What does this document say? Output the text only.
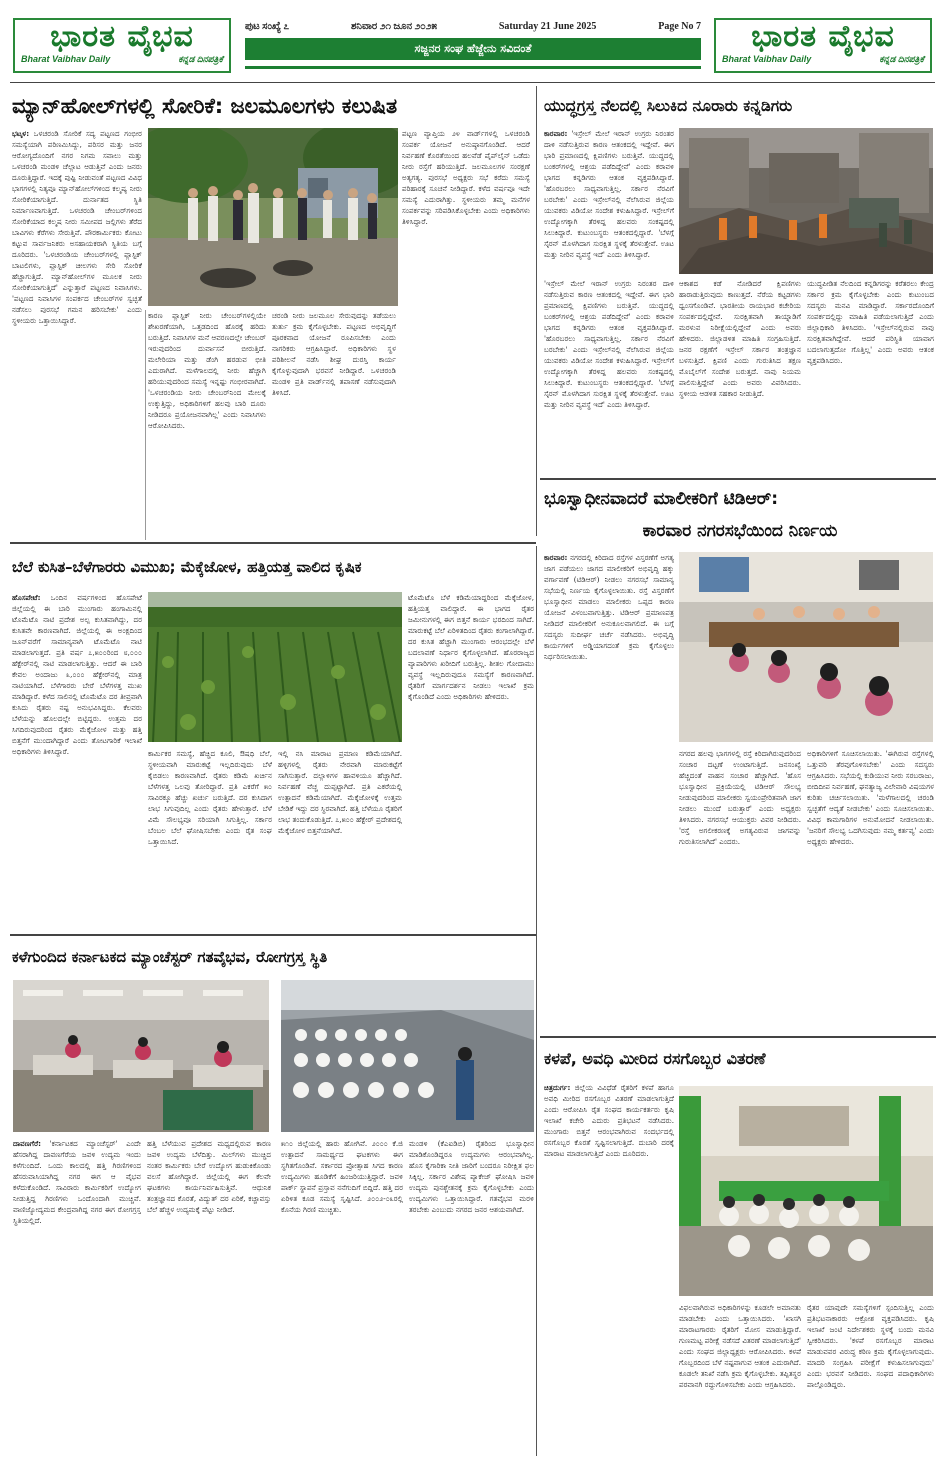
ಭಾರತ ವೈಭವ
Bharat Vaibhav Daily	ಕನ್ನಡ ದಿನಪತ್ರಿಕೆ
ಭಾರತ ವೈಭವ
Bharat Vaibhav Daily	ಕನ್ನಡ ದಿನಪತ್ರಿಕೆ
ಪುಟ ಸಂಖ್ಯೆ ೭	ಶನಿವಾರ ೨೧ ಜೂನ ೨೦೨೫	Saturday 21 June 2025	Page No 7
ಸಜ್ಜನರ ಸಂಘ ಹೆಜ್ಜೇನು ಸವಿದಂತೆ
ಮ್ಯಾನ್‌ಹೋಲ್‌ಗಳಲ್ಲಿ ಸೋರಿಕೆ: ಜಲಮೂಲಗಳು ಕಲುಷಿತ
ಭಟ್ಕಳ: ಒಳಚರಂಡಿ ಸೋರಿಕೆ ಸದ್ಯ ಪಟ್ಟಣದ ಗಂಭೀರ ಸಮಸ್ಯೆಯಾಗಿ ಪರಿಣಮಿಸಿದ್ದು, ಪರಿಸರ ಮತ್ತು ಜನರ ಆರೋಗ್ಯದೊಂದಿಗೆ ನಗರ ನಿಗಮ ಸವಾಲು ಮತ್ತು ಒಳಚರಂಡಿ ಮಂಡಳಿ ಚೆಲ್ಲಾಟ ಆಡುತ್ತಿವೆ ಎಂದು ಜನರು ದೂರುತ್ತಿದ್ದಾರೆ. ಇದಕ್ಕೆ ಪುಷ್ಟಿ ನೀಡುವಂತೆ ಪಟ್ಟಣದ ವಿವಿಧ ಭಾಗಗಳಲ್ಲಿ ನಿತ್ಯವೂ ಮ್ಯಾನ್‌ಹೋಲ್‌ಗಳಿಂದ ಕಲ್ಮಷ್ಯ ನೀರು ಸೋರಿಕೆಯಾಗುತ್ತಿದೆ. ದುರ್ನಾತದ ಸ್ಥಿತಿ ನಿರ್ಮಾಣವಾಗುತ್ತಿದೆ. ಒಳಚರಂಡಿ ಚೇಂಬರ್‌ಗಳಿಂದ ಸೋರಿಕೆಯಾದ ಕಲ್ಮಷ ನೀರು ಸಮೀಪದ ಜಲ್ಲಿಗಳು ತೆರೆದ ಬಾವಿಗಳು ಕೆರೆಗಳು ಸೇರುತ್ತಿವೆ. ಪೌರಕಾರ್ಮಿಕರು ಕೋಟು ಕಟ್ಟುವ ಸಾರ್ವಜನಿಕರು ಅಸಹಾಯಕರಾಗಿ ಸ್ಥಿತಿಯ ಬಗ್ಗೆ ದೂರಿದರು. 'ಒಳಚರಂಡಿಯ ಚೇಂಬರ್‌ಗಳಲ್ಲಿ ಪ್ಲಾಸ್ಟಿಕ್ ಬಾಟಲಿಗಳು, ಪ್ಲಾಸ್ಟಿಕ್ ಚೀಲಗಳು ಸೇರಿ ಸೋರಿಕೆ ಹೆಚ್ಚಾಗುತ್ತಿದೆ. ಮ್ಯಾನ್‌ಹೋಲ್‌ಗಳ ಮೂಲಕ ನೀರು ಸೋರಿಕೆಯಾಗುತ್ತಿದೆ' ಎನ್ನುತ್ತಾರೆ ಪಟ್ಟಣದ ನಿವಾಸಿಗಳು. 'ಪಟ್ಟಣದ ನಿವಾಸಿಗಳ ಸಂಪರ್ಕದ ಚೇಂಬರ್‌ಗಳ ಸ್ವಚ್ಛತೆ ನಡೆಸಲು ಪುರಸಭೆ ಗಮನ ಹರಿಸಬೇಕು' ಎಂದು ಸ್ಥಳೀಯರು ಒತ್ತಾಯಿಸಿದ್ದಾರೆ.
ಕಾರಣ ಪ್ಲಾಸ್ಟಿಕ್ ನೀರು ಚೇಂಬರ್‌ಗಳಲ್ಲಿಯೇ ಶೇಖರಣೆಯಾಗಿ, ಒತ್ತಡದಿಂದ ಹೊರಕ್ಕೆ ಹರಿದು ಬರುತ್ತಿದೆ. ನಿವಾಸಿಗಳ ಮನೆ ಆವರಣದಲ್ಲೇ ಚೇಂಬರ್ ಇರುವುದರಿಂದ ದುರ್ವಾಸನೆ ಬೀರುತ್ತಿದೆ. ಮಲೇರಿಯಾ ಮತ್ತು ಡೆಂಗಿ ಹರಡುವ ಭೀತಿ ಎದುರಾಗಿದೆ. ಮಳೆಗಾಲದಲ್ಲಿ ನೀರು ಹೆಚ್ಚಾಗಿ ಹರಿಯುವುದರಿಂದ ಸಮಸ್ಯೆ ಇನ್ನಷ್ಟು ಗಂಭೀರವಾಗಿದೆ. 'ಒಳಚರಂಡಿಯ ನೀರು ಚೇಂಬರ್‌ನಿಂದ ಮೇಲಕ್ಕೆ ಉಕ್ಕುತ್ತಿದ್ದು, ಅಧಿಕಾರಿಗಳಿಗೆ ಹಲವು ಬಾರಿ ದೂರು ನೀಡಿದರೂ ಪ್ರಯೋಜನವಾಗಿಲ್ಲ' ಎಂದು ನಿವಾಸಿಗಳು ಆರೋಪಿಸಿದರು.
ಚರಂಡಿ ನೀರು ಜಲಮೂಲ ಸೇರುವುದನ್ನು ತಡೆಯಲು ತುರ್ತು ಕ್ರಮ ಕೈಗೊಳ್ಳಬೇಕು. ಪಟ್ಟಣದ ಅಭಿವೃದ್ಧಿಗೆ ಪೂರಕವಾದ ಯೋಜನೆ ರೂಪಿಸಬೇಕು ಎಂದು ನಾಗರಿಕರು ಆಗ್ರಹಿಸಿದ್ದಾರೆ. ಅಧಿಕಾರಿಗಳು ಸ್ಥಳ ಪರಿಶೀಲನೆ ನಡೆಸಿ ಶೀಘ್ರ ದುರಸ್ತಿ ಕಾರ್ಯ ಕೈಗೊಳ್ಳುವುದಾಗಿ ಭರವಸೆ ನೀಡಿದ್ದಾರೆ. ಒಳಚರಂಡಿ ಮಂಡಳಿ ಪ್ರತಿ ವಾರ್ಡ್‌ನಲ್ಲಿ ತಪಾಸಣೆ ನಡೆಸುವುದಾಗಿ ತಿಳಿಸಿದೆ.
ಪಟ್ಟಣ ವ್ಯಾಪ್ತಿಯ ೨೪ ವಾರ್ಡ್‌ಗಳಲ್ಲಿ ಒಳಚರಂಡಿ ಸಂಪರ್ಕ ಯೋಜನೆ ಅನುಷ್ಠಾನಗೊಂಡಿದೆ. ಆದರೆ ನಿರ್ವಹಣೆ ಕೊರತೆಯಿಂದ ಹಲವೆಡೆ ಪೈಪ್‌ಲೈನ್ ಒಡೆದು ನೀರು ರಸ್ತೆಗೆ ಹರಿಯುತ್ತಿದೆ. ಜಲಮೂಲಗಳ ಸಂರಕ್ಷಣೆ ಅತ್ಯಗತ್ಯ. ಪುರಸಭೆ ಅಧ್ಯಕ್ಷರು ಸಭೆ ಕರೆದು ಸಮಸ್ಯೆ ಪರಿಹಾರಕ್ಕೆ ಸೂಚನೆ ನೀಡಿದ್ದಾರೆ. ಕಳೆದ ವರ್ಷವೂ ಇದೇ ಸಮಸ್ಯೆ ಎದುರಾಗಿತ್ತು. ಸ್ಥಳೀಯರು ತಮ್ಮ ಮನೆಗಳ ಸಂಪರ್ಕವನ್ನು ಸರಿಪಡಿಸಿಕೊಳ್ಳಬೇಕು ಎಂದು ಅಧಿಕಾರಿಗಳು ತಿಳಿಸಿದ್ದಾರೆ.
ಯುದ್ಧಗ್ರಸ್ತ ನೆಲದಲ್ಲಿ ಸಿಲುಕಿದ ನೂರಾರು ಕನ್ನಡಿಗರು
ಕಾರವಾರ: 'ಇಸ್ರೇಲ್ ಮೇಲೆ ಇರಾನ್ ಉಗ್ರರು ನಿರಂತರ ದಾಳಿ ನಡೆಸುತ್ತಿರುವ ಕಾರಣ ಆತಂಕದಲ್ಲಿ ಇದ್ದೇವೆ. ಈಗ ಭಾರಿ ಪ್ರಮಾಣದಲ್ಲಿ ಕ್ಷಿಪಣಿಗಳು ಬರುತ್ತಿವೆ. ಯುದ್ಧದಲ್ಲಿ ಬಂಕರ್‌ಗಳಲ್ಲಿ ಆಶ್ರಯ ಪಡೆದಿದ್ದೇವೆ' ಎಂದು ಕರಾವಳಿ ಭಾಗದ ಕನ್ನಡಿಗರು ಆತಂಕ ವ್ಯಕ್ತಪಡಿಸಿದ್ದಾರೆ. 'ಹೊರಬರಲು ಸಾಧ್ಯವಾಗುತ್ತಿಲ್ಲ. ಸರ್ಕಾರ ನೆರವಿಗೆ ಬರಬೇಕು' ಎಂದು ಇಸ್ರೇಲ್‌ನಲ್ಲಿ ನೆಲೆಸಿರುವ ಜಿಲ್ಲೆಯ ಯುವಕರು ವಿಡಿಯೋ ಸಂದೇಶ ಕಳುಹಿಸಿದ್ದಾರೆ. ಇಸ್ರೇಲ್‌ಗೆ ಉದ್ಯೋಗಕ್ಕಾಗಿ ತೆರಳಿದ್ದ ಹಲವರು ಸಂಕಷ್ಟದಲ್ಲಿ ಸಿಲುಕಿದ್ದಾರೆ. ಕುಟುಂಬಸ್ಥರು ಆತಂಕದಲ್ಲಿದ್ದಾರೆ. 'ಬೆಳಗ್ಗೆ ಸೈರನ್ ಮೊಳಗಿದಾಗ ಸುರಕ್ಷಿತ ಸ್ಥಳಕ್ಕೆ ತೆರಳುತ್ತೇವೆ. ಊಟ ಮತ್ತು ನೀರಿನ ವ್ಯವಸ್ಥೆ ಇದೆ' ಎಂದು ತಿಳಿಸಿದ್ದಾರೆ.
'ಇಸ್ರೇಲ್ ಮೇಲೆ ಇರಾನ್ ಉಗ್ರರು ನಿರಂತರ ದಾಳಿ ನಡೆಸುತ್ತಿರುವ ಕಾರಣ ಆತಂಕದಲ್ಲಿ ಇದ್ದೇವೆ. ಈಗ ಭಾರಿ ಪ್ರಮಾಣದಲ್ಲಿ ಕ್ಷಿಪಣಿಗಳು ಬರುತ್ತಿವೆ. ಯುದ್ಧದಲ್ಲಿ ಬಂಕರ್‌ಗಳಲ್ಲಿ ಆಶ್ರಯ ಪಡೆದಿದ್ದೇವೆ' ಎಂದು ಕರಾವಳಿ ಭಾಗದ ಕನ್ನಡಿಗರು ಆತಂಕ ವ್ಯಕ್ತಪಡಿಸಿದ್ದಾರೆ. 'ಹೊರಬರಲು ಸಾಧ್ಯವಾಗುತ್ತಿಲ್ಲ. ಸರ್ಕಾರ ನೆರವಿಗೆ ಬರಬೇಕು' ಎಂದು ಇಸ್ರೇಲ್‌ನಲ್ಲಿ ನೆಲೆಸಿರುವ ಜಿಲ್ಲೆಯ ಯುವಕರು ವಿಡಿಯೋ ಸಂದೇಶ ಕಳುಹಿಸಿದ್ದಾರೆ. ಇಸ್ರೇಲ್‌ಗೆ ಉದ್ಯೋಗಕ್ಕಾಗಿ ತೆರಳಿದ್ದ ಹಲವರು ಸಂಕಷ್ಟದಲ್ಲಿ ಸಿಲುಕಿದ್ದಾರೆ. ಕುಟುಂಬಸ್ಥರು ಆತಂಕದಲ್ಲಿದ್ದಾರೆ. 'ಬೆಳಗ್ಗೆ ಸೈರನ್ ಮೊಳಗಿದಾಗ ಸುರಕ್ಷಿತ ಸ್ಥಳಕ್ಕೆ ತೆರಳುತ್ತೇವೆ. ಊಟ ಮತ್ತು ನೀರಿನ ವ್ಯವಸ್ಥೆ ಇದೆ' ಎಂದು ತಿಳಿಸಿದ್ದಾರೆ.
ಆಕಾಶದ ಕಡೆ ನೋಡಿದರೆ ಕ್ಷಿಪಣಿಗಳು ಹಾರಾಡುತ್ತಿರುವುದು ಕಾಣುತ್ತದೆ. ನೆರೆಯ ಕಟ್ಟಡಗಳು ಧ್ವಂಸಗೊಂಡಿವೆ. ಭಾರತೀಯ ರಾಯಭಾರ ಕಚೇರಿಯ ಸಂಪರ್ಕದಲ್ಲಿದ್ದೇವೆ. ಸುರಕ್ಷಿತವಾಗಿ ತಾಯ್ನಾಡಿಗೆ ಮರಳುವ ನಿರೀಕ್ಷೆಯಲ್ಲಿದ್ದೇವೆ ಎಂದು ಅವರು ಹೇಳಿದರು. ಜಿಲ್ಲಾಡಳಿತ ಮಾಹಿತಿ ಸಂಗ್ರಹಿಸುತ್ತಿದೆ. ಜನರ ರಕ್ಷಣೆಗೆ ಇಸ್ರೇಲ್ ಸರ್ಕಾರ ತಂತ್ರಜ್ಞಾನ ಬಳಸುತ್ತಿದೆ. ಕ್ಷಿಪಣಿ ಎಂದು ಗುರುತಿಸಿದ ತಕ್ಷಣ ಮೊಬೈಲ್‌ಗೆ ಸಂದೇಶ ಬರುತ್ತದೆ. ನಾವು ನಿಯಮ ಪಾಲಿಸುತ್ತಿದ್ದೇವೆ ಎಂದು ಅವರು ವಿವರಿಸಿದರು. ಸ್ಥಳೀಯ ಆಡಳಿತ ಸಹಕಾರ ನೀಡುತ್ತಿದೆ.
ಯುದ್ಧಪೀಡಿತ ನೆಲದಿಂದ ಕನ್ನಡಿಗರನ್ನು ಕರೆತರಲು ಕೇಂದ್ರ ಸರ್ಕಾರ ಕ್ರಮ ಕೈಗೊಳ್ಳಬೇಕು ಎಂದು ಕುಟುಂಬದ ಸದಸ್ಯರು ಮನವಿ ಮಾಡಿದ್ದಾರೆ. ಸರ್ಕಾರದೊಂದಿಗೆ ಸಂಪರ್ಕದಲ್ಲಿದ್ದು ಮಾಹಿತಿ ಪಡೆಯಲಾಗುತ್ತಿದೆ ಎಂದು ಜಿಲ್ಲಾಧಿಕಾರಿ ತಿಳಿಸಿದರು. 'ಇಸ್ರೇಲ್‌ನಲ್ಲಿರುವ ನಾವು ಸುರಕ್ಷಿತವಾಗಿದ್ದೇವೆ. ಆದರೆ ಪರಿಸ್ಥಿತಿ ಯಾವಾಗ ಬದಲಾಗುತ್ತದೋ ಗೊತ್ತಿಲ್ಲ' ಎಂದು ಅವರು ಆತಂಕ ವ್ಯಕ್ತಪಡಿಸಿದರು.
ಬೆಲೆ ಕುಸಿತ–ಬೆಳೆಗಾರರು ವಿಮುಖ; ಮೆಕ್ಕೆಜೋಳ, ಹತ್ತಿಯತ್ತ ವಾಲಿದ ಕೃಷಿಕ
ಹೊಸಪೇಟೆ: ಒಂದಿನ ವರ್ಷಗಳಿಂದ ಹೊಸಪೇಟೆ ಜಿಲ್ಲೆಯಲ್ಲಿ ಈ ಬಾರಿ ಮುಂಗಾರು ಹಂಗಾಮಿನಲ್ಲಿ ಟೊಮೆಟೊ ನಾಟಿ ಪ್ರದೇಶ ಅಲ್ಪ ಕುಸಿತವಾಗಿದ್ದು, ದರ ಕುಸಿತವೇ ಕಾರಣವಾಗಿದೆ. ಜಿಲ್ಲೆಯಲ್ಲಿ ಈ ಅಂಕ್ಷದಿಂದ ಜೂನ್‌ವರೆಗೆ ಸಾಮಾನ್ಯವಾಗಿ ಟೊಮೆಟೊ ನಾಟಿ ಮಾಡಲಾಗುತ್ತದೆ. ಪ್ರತಿ ವರ್ಷ ೭,೫೦೦ರಿಂದ ೮,೦೦೦ ಹೆಕ್ಟೇರ್‌ನಲ್ಲಿ ನಾಟಿ ಮಾಡಲಾಗುತ್ತಿತ್ತು. ಆದರೆ ಈ ಬಾರಿ ಕೇವಲ ಅಂದಾಜು ೩,೦೦೦ ಹೆಕ್ಟೇರ್‌ನಲ್ಲಿ ಮಾತ್ರ ನಾಟಿಯಾಗಿದೆ. ಬೆಳೆಗಾರರು ಬೇರೆ ಬೆಳೆಗಳತ್ತ ಮುಖ ಮಾಡಿದ್ದಾರೆ. ಕಳೆದ ಸಾಲಿನಲ್ಲಿ ಟೊಮೆಟೊ ದರ ತೀವ್ರವಾಗಿ ಕುಸಿದು ರೈತರು ನಷ್ಟ ಅನುಭವಿಸಿದ್ದರು. ಕೆಲವರು ಬೆಳೆಯನ್ನು ಹೊಲದಲ್ಲೇ ಬಿಟ್ಟಿದ್ದರು. ಉತ್ತಮ ದರ ಸಿಗದಿರುವುದರಿಂದ ರೈತರು ಮೆಕ್ಕೆಜೋಳ ಮತ್ತು ಹತ್ತಿ ಬಿತ್ತನೆಗೆ ಮುಂದಾಗಿದ್ದಾರೆ ಎಂದು ತೋಟಗಾರಿಕೆ ಇಲಾಖೆ ಅಧಿಕಾರಿಗಳು ತಿಳಿಸಿದ್ದಾರೆ.	ಕಾರ್ಮಿಕರ ಸಮಸ್ಯೆ, ಹೆಚ್ಚಿದ ಕೂಲಿ, ಔಷಧಿ ಬೆಲೆ, ಸ್ಥಳೀಯವಾಗಿ ಮಾರುಕಟ್ಟೆ ಇಲ್ಲದಿರುವುದು ಬೆಳೆ ಕೈಬಿಡಲು ಕಾರಣವಾಗಿದೆ. ರೈತರು ಕಡಿಮೆ ಖರ್ಚಿನ ಬೆಳೆಗಳತ್ತ ಒಲವು ತೋರಿದ್ದಾರೆ. ಪ್ರತಿ ಎಕರೆಗೆ ೫೦ ಸಾವಿರಕ್ಕೂ ಹೆಚ್ಚು ಖರ್ಚು ಬರುತ್ತಿದೆ. ದರ ಕುಸಿದಾಗ ಲಾಭ ಸಿಗುವುದಿಲ್ಲ ಎಂದು ರೈತರು ಹೇಳುತ್ತಾರೆ. ಬೆಳೆ ವಿಮೆ ಸೌಲಭ್ಯವೂ ಸರಿಯಾಗಿ ಸಿಗುತ್ತಿಲ್ಲ. ಸರ್ಕಾರ ಬೆಂಬಲ ಬೆಲೆ ಘೋಷಿಸಬೇಕು ಎಂದು ರೈತ ಸಂಘ ಒತ್ತಾಯಿಸಿದೆ.
ಇಲ್ಲಿ ನಸಿ ಮಾರಾಟ ಪ್ರಮಾಣ ಕಡಿಮೆಯಾಗಿದೆ. ಹಳ್ಳಿಗಳಲ್ಲಿ ರೈತರು ನೇರವಾಗಿ ಮಾರುಕಟ್ಟೆಗೆ ಸಾಗಿಸುತ್ತಾರೆ. ದಲ್ಲಾಳಿಗಳ ಹಾವಳಿಯೂ ಹೆಚ್ಚಾಗಿದೆ. ನಿರ್ವಹಣೆ ವೆಚ್ಚ ದುಪ್ಪಟ್ಟಾಗಿದೆ. ಪ್ರತಿ ಎಕರೆಯಲ್ಲಿ ಉತ್ಪಾದನೆ ಕಡಿಮೆಯಾಗಿದೆ. ಮೆಕ್ಕೆಜೋಳಕ್ಕೆ ಉತ್ತಮ ಬೇಡಿಕೆ ಇದ್ದು ದರ ಸ್ಥಿರವಾಗಿದೆ. ಹತ್ತಿ ಬೆಳೆಯೂ ರೈತರಿಗೆ ಲಾಭ ತಂದುಕೊಡುತ್ತಿದೆ. ೭,೫೦೦ ಹೆಕ್ಟೇರ್ ಪ್ರದೇಶದಲ್ಲಿ ಮೆಕ್ಕೆಜೋಳ ಬಿತ್ತನೆಯಾಗಿದೆ.
ಟೊಮೆಟೊ ಬೆಳೆ ಕಡಿಮೆಯಾದ್ದರಿಂದ ಮೆಕ್ಕೆಜೋಳ, ಹತ್ತಿಯತ್ತ ವಾಲಿದ್ದಾರೆ. ಈ ಭಾಗದ ರೈತರ ಜಮೀನುಗಳಲ್ಲಿ ಈಗ ಬಿತ್ತನೆ ಕಾರ್ಯ ಭರದಿಂದ ಸಾಗಿದೆ. ಮಾರುಕಟ್ಟೆ ಬೆಲೆ ಏರಿಳಿತದಿಂದ ರೈತರು ಕಂಗಾಲಾಗಿದ್ದಾರೆ. ದರ ಕುಸಿತ ಹೆಚ್ಚಾಗಿ ಮುಂಗಾರು ಆರಂಭದಲ್ಲೇ ಬೆಳೆ ಬದಲಾವಣೆ ನಿರ್ಧಾರ ಕೈಗೊಳ್ಳಲಾಗಿದೆ. ಹೊರರಾಜ್ಯದ ವ್ಯಾಪಾರಿಗಳು ಖರೀದಿಗೆ ಬರುತ್ತಿಲ್ಲ. ಶೀತಲ ಗೋದಾಮು ವ್ಯವಸ್ಥೆ ಇಲ್ಲದಿರುವುದೂ ಸಮಸ್ಯೆಗೆ ಕಾರಣವಾಗಿದೆ. ರೈತರಿಗೆ ಮಾರ್ಗದರ್ಶನ ನೀಡಲು ಇಲಾಖೆ ಕ್ರಮ ಕೈಗೊಂಡಿದೆ ಎಂದು ಅಧಿಕಾರಿಗಳು ಹೇಳಿದರು.
ಭೂಸ್ವಾಧೀನವಾದರೆ ಮಾಲೀಕರಿಗೆ ಟಿಡಿಆರ್:
ಕಾರವಾರ ನಗರಸಭೆಯಿಂದ ನಿರ್ಣಯ
ಕಾರವಾರ: ನಗರದಲ್ಲಿ ಕಿರಿದಾದ ರಸ್ತೆಗಳ ವಿಸ್ತರಣೆಗೆ ಅಗತ್ಯ ಜಾಗ ಪಡೆಯಲು ಜಾಗದ ಮಾಲೀಕರಿಗೆ ಅಭಿವೃದ್ಧಿ ಹಕ್ಕು ವರ್ಗಾವಣೆ (ಟಿಡಿಆರ್) ನೀಡಲು ನಗರಸಭೆ ಸಾಮಾನ್ಯ ಸಭೆಯಲ್ಲಿ ನಿರ್ಣಯ ಕೈಗೊಳ್ಳಲಾಯಿತು. ರಸ್ತೆ ವಿಸ್ತರಣೆಗೆ ಭೂಸ್ವಾಧೀನ ಮಾಡಲು ಮಾಲೀಕರು ಒಪ್ಪದ ಕಾರಣ ಯೋಜನೆ ವಿಳಂಬವಾಗುತ್ತಿತ್ತು. ಟಿಡಿಆರ್ ಪ್ರಮಾಣಪತ್ರ ನೀಡಿದರೆ ಮಾಲೀಕರಿಗೆ ಅನುಕೂಲವಾಗಲಿದೆ. ಈ ಬಗ್ಗೆ ಸದಸ್ಯರು ಸುದೀರ್ಘ ಚರ್ಚೆ ನಡೆಸಿದರು. ಅಭಿವೃದ್ಧಿ ಕಾರ್ಯಗಳಿಗೆ ಅಡ್ಡಿಯಾಗದಂತೆ ಕ್ರಮ ಕೈಗೊಳ್ಳಲು ನಿರ್ಧರಿಸಲಾಯಿತು.
ನಗರದ ಹಲವು ಭಾಗಗಳಲ್ಲಿ ರಸ್ತೆ ಕಿರಿದಾಗಿರುವುದರಿಂದ ಸಂಚಾರ ದಟ್ಟಣೆ ಉಂಟಾಗುತ್ತಿದೆ. ಜನಸಂಖ್ಯೆ ಹೆಚ್ಚಿದಂತೆ ವಾಹನ ಸಂಚಾರ ಹೆಚ್ಚಾಗಿದೆ. 'ಹೊಸ ಭೂಸ್ವಾಧೀನ ಪ್ರಕ್ರಿಯೆಯಲ್ಲಿ ಟಿಡಿಆರ್ ಸೌಲಭ್ಯ ನೀಡುವುದರಿಂದ ಮಾಲೀಕರು ಸ್ವಯಂಪ್ರೇರಿತವಾಗಿ ಜಾಗ ನೀಡಲು ಮುಂದೆ ಬರುತ್ತಾರೆ' ಎಂದು ಅಧ್ಯಕ್ಷರು ತಿಳಿಸಿದರು. ನಗರಸಭೆ ಆಯುಕ್ತರು ವಿವರ ನೀಡಿದರು. 'ರಸ್ತೆ ಅಗಲೀಕರಣಕ್ಕೆ ಅಗತ್ಯವಿರುವ ಜಾಗವನ್ನು ಗುರುತಿಸಲಾಗಿದೆ' ಎಂದರು.
ಅಧಿಕಾರಿಗಳಿಗೆ ಸೂಚಿಸಲಾಯಿತು. 'ಈಗಿರುವ ರಸ್ತೆಗಳಲ್ಲಿ ಒತ್ತುವರಿ ತೆರವುಗೊಳಿಸಬೇಕು' ಎಂದು ಸದಸ್ಯರು ಆಗ್ರಹಿಸಿದರು. ಸಭೆಯಲ್ಲಿ ಕುಡಿಯುವ ನೀರು ಸರಬರಾಜು, ಬೀದಿದೀಪ ನಿರ್ವಹಣೆ, ಘನತ್ಯಾಜ್ಯ ವಿಲೇವಾರಿ ವಿಷಯಗಳ ಕುರಿತು ಚರ್ಚಿಸಲಾಯಿತು. 'ಮಳೆಗಾಲದಲ್ಲಿ ಚರಂಡಿ ಸ್ವಚ್ಛತೆಗೆ ಆದ್ಯತೆ ನೀಡಬೇಕು' ಎಂದು ಸೂಚಿಸಲಾಯಿತು. ವಿವಿಧ ಕಾಮಗಾರಿಗಳ ಅನುಮೋದನೆ ನೀಡಲಾಯಿತು. 'ಜನರಿಗೆ ಸೌಲಭ್ಯ ಒದಗಿಸುವುದು ನಮ್ಮ ಕರ್ತವ್ಯ' ಎಂದು ಅಧ್ಯಕ್ಷರು ಹೇಳಿದರು.
ಕಳೆಗುಂದಿದ ಕರ್ನಾಟಕದ ಮ್ಯಾಂಚೆಸ್ಟರ್ ಗತವೈಭವ, ರೋಗಗ್ರಸ್ತ ಸ್ಥಿತಿ
ದಾವಣಗೆರೆ: 'ಕರ್ನಾಟಕದ ಮ್ಯಾಂಚೆಸ್ಟರ್' ಎಂದೇ ಹೆಸರಾಗಿದ್ದ ದಾವಣಗೆರೆಯ ಜವಳಿ ಉದ್ಯಮ ಇಂದು ಕಳೆಗುಂದಿದೆ. ಒಂದು ಕಾಲದಲ್ಲಿ ಹತ್ತಿ ಗಿರಣಿಗಳಿಂದ ಹೆಸರುವಾಸಿಯಾಗಿದ್ದ ನಗರ ಈಗ ಆ ವೈಭವ ಕಳೆದುಕೊಂಡಿದೆ. ಸಾವಿರಾರು ಕಾರ್ಮಿಕರಿಗೆ ಉದ್ಯೋಗ ನೀಡುತ್ತಿದ್ದ ಗಿರಣಿಗಳು ಒಂದೊಂದಾಗಿ ಮುಚ್ಚಿವೆ. ವಾಣಿಜ್ಯೋದ್ಯಮದ ಕೇಂದ್ರವಾಗಿದ್ದ ನಗರ ಈಗ ರೋಗಗ್ರಸ್ತ ಸ್ಥಿತಿಯಲ್ಲಿದೆ.
ಹತ್ತಿ ಬೆಳೆಯುವ ಪ್ರದೇಶದ ಮಧ್ಯದಲ್ಲಿರುವ ಕಾರಣ ಜವಳಿ ಉದ್ಯಮ ಬೆಳೆದಿತ್ತು. ಮಿಲ್‌ಗಳು ಮುಚ್ಚಿದ ನಂತರ ಕಾರ್ಮಿಕರು ಬೇರೆ ಉದ್ಯೋಗ ಹುಡುಕಿಕೊಂಡು ವಲಸೆ ಹೋಗಿದ್ದಾರೆ. ಜಿಲ್ಲೆಯಲ್ಲಿ ಈಗ ಕೆಲವೇ ಘಟಕಗಳು ಕಾರ್ಯನಿರ್ವಹಿಸುತ್ತಿವೆ. ಆಧುನಿಕ ತಂತ್ರಜ್ಞಾನದ ಕೊರತೆ, ವಿದ್ಯುತ್ ದರ ಏರಿಕೆ, ಕಚ್ಚಾವಸ್ತು ಬೆಲೆ ಹೆಚ್ಚಳ ಉದ್ಯಮಕ್ಕೆ ಪೆಟ್ಟು ನೀಡಿದೆ.
೫೧೦ ಜಿಲ್ಲೆಯಲ್ಲಿ ಹಾರು ಹೋಗಿವೆ. ೨೦೦೦ ಕೆ.ಜಿ ಉತ್ಪಾದನೆ ಸಾಮರ್ಥ್ಯದ ಘಟಕಗಳು ಈಗ ಸ್ಥಗಿತಗೊಂಡಿವೆ. ಸರ್ಕಾರದ ಪ್ರೋತ್ಸಾಹ ಸಿಗದ ಕಾರಣ ಉದ್ಯಮಿಗಳು ಹೂಡಿಕೆಗೆ ಹಿಂಜರಿಯುತ್ತಿದ್ದಾರೆ. ಜವಳಿ ಪಾರ್ಕ್ ಸ್ಥಾಪನೆ ಪ್ರಸ್ತಾವ ನನೆಗುದಿಗೆ ಬಿದ್ದಿದೆ. ಹತ್ತಿ ದರ ಏರಿಳಿತ ಕೂಡ ಸಮಸ್ಯೆ ಸೃಷ್ಟಿಸಿದೆ. ೨೦೦೨-೦೩ರಲ್ಲಿ ಕೊನೆಯ ಗಿರಣಿ ಮುಚ್ಚಿತು.
ಮಂಡಳಿ (ಕೆಎಐಡಿಬಿ) ರೈತರಿಂದ ಭೂಸ್ವಾಧೀನ ಮಾಡಿಕೊಂಡಿದ್ದರೂ ಉದ್ಯಮಗಳು ಆರಂಭವಾಗಿಲ್ಲ. ಹೊಸ ಕೈಗಾರಿಕಾ ನೀತಿ ಜಾರಿಗೆ ಬಂದರೂ ನಿರೀಕ್ಷಿತ ಫಲ ಸಿಕ್ಕಿಲ್ಲ. ಸರ್ಕಾರ ವಿಶೇಷ ಪ್ಯಾಕೇಜ್ ಘೋಷಿಸಿ ಜವಳಿ ಉದ್ಯಮ ಪುನಶ್ಚೇತನಕ್ಕೆ ಕ್ರಮ ಕೈಗೊಳ್ಳಬೇಕು ಎಂದು ಉದ್ಯಮಿಗಳು ಒತ್ತಾಯಿಸಿದ್ದಾರೆ. ಗತವೈಭವ ಮರಳಿ ತರಬೇಕು ಎಂಬುದು ನಗರದ ಜನರ ಆಶಯವಾಗಿದೆ.
ಕಳಪೆ, ಅವಧಿ ಮೀರಿದ ರಸಗೊಬ್ಬರ ವಿತರಣೆ
ಚಿತ್ರದುರ್ಗ: ಜಿಲ್ಲೆಯ ವಿವಿಧೆಡೆ ರೈತರಿಗೆ ಕಳಪೆ ಹಾಗೂ ಅವಧಿ ಮೀರಿದ ರಸಗೊಬ್ಬರ ವಿತರಣೆ ಮಾಡಲಾಗುತ್ತಿದೆ ಎಂದು ಆರೋಪಿಸಿ ರೈತ ಸಂಘದ ಕಾರ್ಯಕರ್ತರು ಕೃಷಿ ಇಲಾಖೆ ಕಚೇರಿ ಎದುರು ಪ್ರತಿಭಟನೆ ನಡೆಸಿದರು. ಮುಂಗಾರು ಬಿತ್ತನೆ ಆರಂಭವಾಗಿರುವ ಸಂದರ್ಭದಲ್ಲಿ ರಸಗೊಬ್ಬರ ಕೊರತೆ ಸೃಷ್ಟಿಸಲಾಗುತ್ತಿದೆ. ದುಬಾರಿ ದರಕ್ಕೆ ಮಾರಾಟ ಮಾಡಲಾಗುತ್ತಿದೆ ಎಂದು ದೂರಿದರು.
ವಿಫಲವಾಗಿರುವ ಅಧಿಕಾರಿಗಳನ್ನು ಕೂಡಲೇ ಅಮಾನತು ಮಾಡಬೇಕು ಎಂದು ಒತ್ತಾಯಿಸಿದರು. 'ಖಾಸಗಿ ಮಾರಾಟಗಾರರು ರೈತರಿಗೆ ಮೋಸ ಮಾಡುತ್ತಿದ್ದಾರೆ. ಗುಣಮಟ್ಟ ಪರೀಕ್ಷೆ ನಡೆಸದೆ ವಿತರಣೆ ಮಾಡಲಾಗುತ್ತಿದೆ' ಎಂದು ಸಂಘದ ಜಿಲ್ಲಾಧ್ಯಕ್ಷರು ಆರೋಪಿಸಿದರು. ಕಳಪೆ ಗೊಬ್ಬರದಿಂದ ಬೆಳೆ ನಷ್ಟವಾಗುವ ಆತಂಕ ಎದುರಾಗಿದೆ. ಕೂಡಲೇ ತನಿಖೆ ನಡೆಸಿ ಕ್ರಮ ಕೈಗೊಳ್ಳಬೇಕು. ತಪ್ಪಿತಸ್ಥರ ಪರವಾನಗಿ ರದ್ದುಗೊಳಿಸಬೇಕು ಎಂದು ಆಗ್ರಹಿಸಿದರು.
ರೈತರ ಯಾವುದೇ ಸಮಸ್ಯೆಗಳಿಗೆ ಸ್ಪಂದಿಸುತ್ತಿಲ್ಲ ಎಂದು ಪ್ರತಿಭಟನಾಕಾರರು ಆಕ್ರೋಶ ವ್ಯಕ್ತಪಡಿಸಿದರು. ಕೃಷಿ ಇಲಾಖೆ ಜಂಟಿ ನಿರ್ದೇಶಕರು ಸ್ಥಳಕ್ಕೆ ಬಂದು ಮನವಿ ಸ್ವೀಕರಿಸಿದರು. 'ಕಳಪೆ ರಸಗೊಬ್ಬರ ಮಾರಾಟ ಮಾಡುವವರ ವಿರುದ್ಧ ಕಠಿಣ ಕ್ರಮ ಕೈಗೊಳ್ಳಲಾಗುವುದು. ಮಾದರಿ ಸಂಗ್ರಹಿಸಿ ಪರೀಕ್ಷೆಗೆ ಕಳುಹಿಸಲಾಗುವುದು' ಎಂದು ಭರವಸೆ ನೀಡಿದರು. ಸಂಘದ ಪದಾಧಿಕಾರಿಗಳು ಪಾಲ್ಗೊಂಡಿದ್ದರು.
